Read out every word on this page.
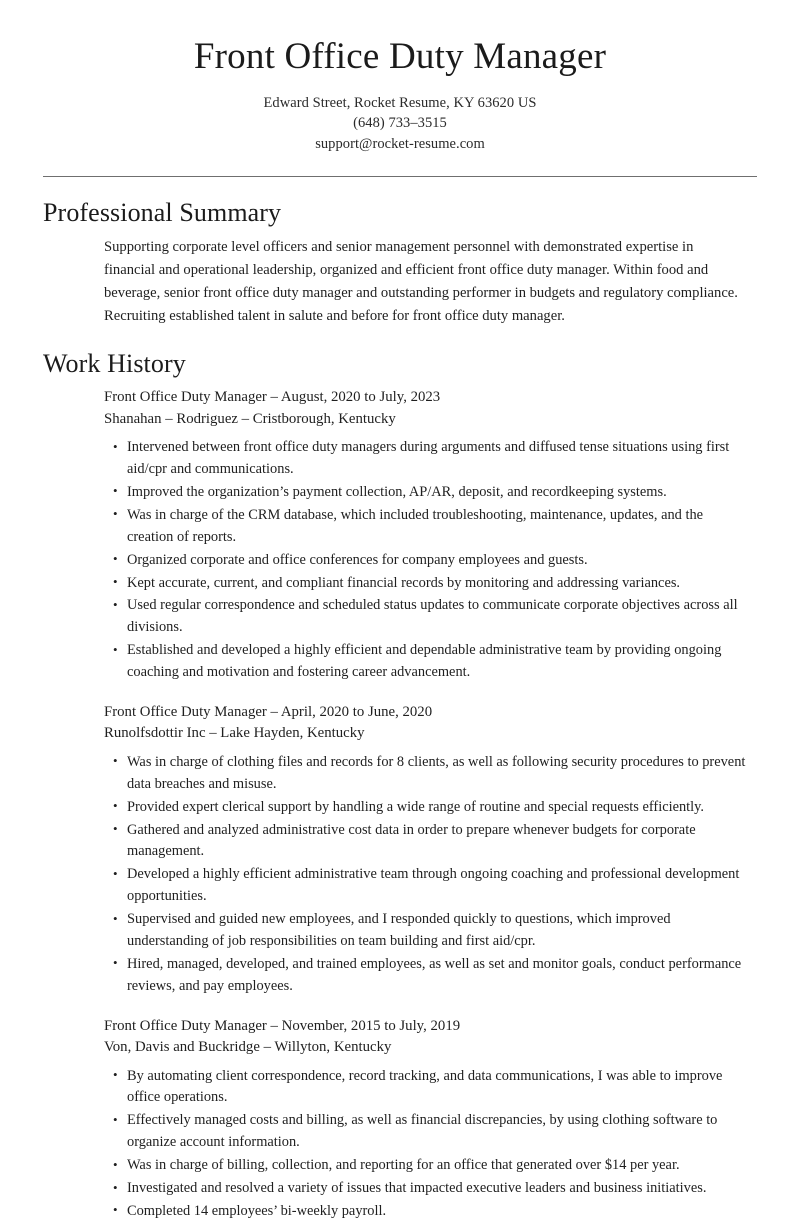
Front Office Duty Manager
Edward Street, Rocket Resume, KY 63620 US
(648) 733–3515
support@rocket-resume.com
Professional Summary

Supporting corporate level officers and senior management personnel with demonstrated expertise in financial and operational leadership, organized and efficient front office duty manager. Within food and beverage, senior front office duty manager and outstanding performer in budgets and regulatory compliance. Recruiting established talent in salute and before for front office duty manager.

Work History
Front Office Duty Manager – August, 2020 to July, 2023
Shanahan – Rodriguez – Cristborough, Kentucky
• Intervened between front office duty managers during arguments and diffused tense situations using first aid/cpr and communications.
• Improved the organization’s payment collection, AP/AR, deposit, and recordkeeping systems.
• Was in charge of the CRM database, which included troubleshooting, maintenance, updates, and the creation of reports.
• Organized corporate and office conferences for company employees and guests.
• Kept accurate, current, and compliant financial records by monitoring and addressing variances.
• Used regular correspondence and scheduled status updates to communicate corporate objectives across all divisions.
• Established and developed a highly efficient and dependable administrative team by providing ongoing coaching and motivation and fostering career advancement.
Front Office Duty Manager – April, 2020 to June, 2020
Runolfsdottir Inc – Lake Hayden, Kentucky
• Was in charge of clothing files and records for 8 clients, as well as following security procedures to prevent data breaches and misuse.
• Provided expert clerical support by handling a wide range of routine and special requests efficiently.
• Gathered and analyzed administrative cost data in order to prepare whenever budgets for corporate management.
• Developed a highly efficient administrative team through ongoing coaching and professional development opportunities.
• Supervised and guided new employees, and I responded quickly to questions, which improved understanding of job responsibilities on team building and first aid/cpr.
• Hired, managed, developed, and trained employees, as well as set and monitor goals, conduct performance reviews, and pay employees.
Front Office Duty Manager – November, 2015 to July, 2019
Von, Davis and Buckridge – Willyton, Kentucky
• By automating client correspondence, record tracking, and data communications, I was able to improve office operations.
• Effectively managed costs and billing, as well as financial discrepancies, by using clothing software to organize account information.
• Was in charge of billing, collection, and reporting for an office that generated over $14 per year.
• Investigated and resolved a variety of issues that impacted executive leaders and business initiatives.
• Completed 14 employees’ bi-weekly payroll.
